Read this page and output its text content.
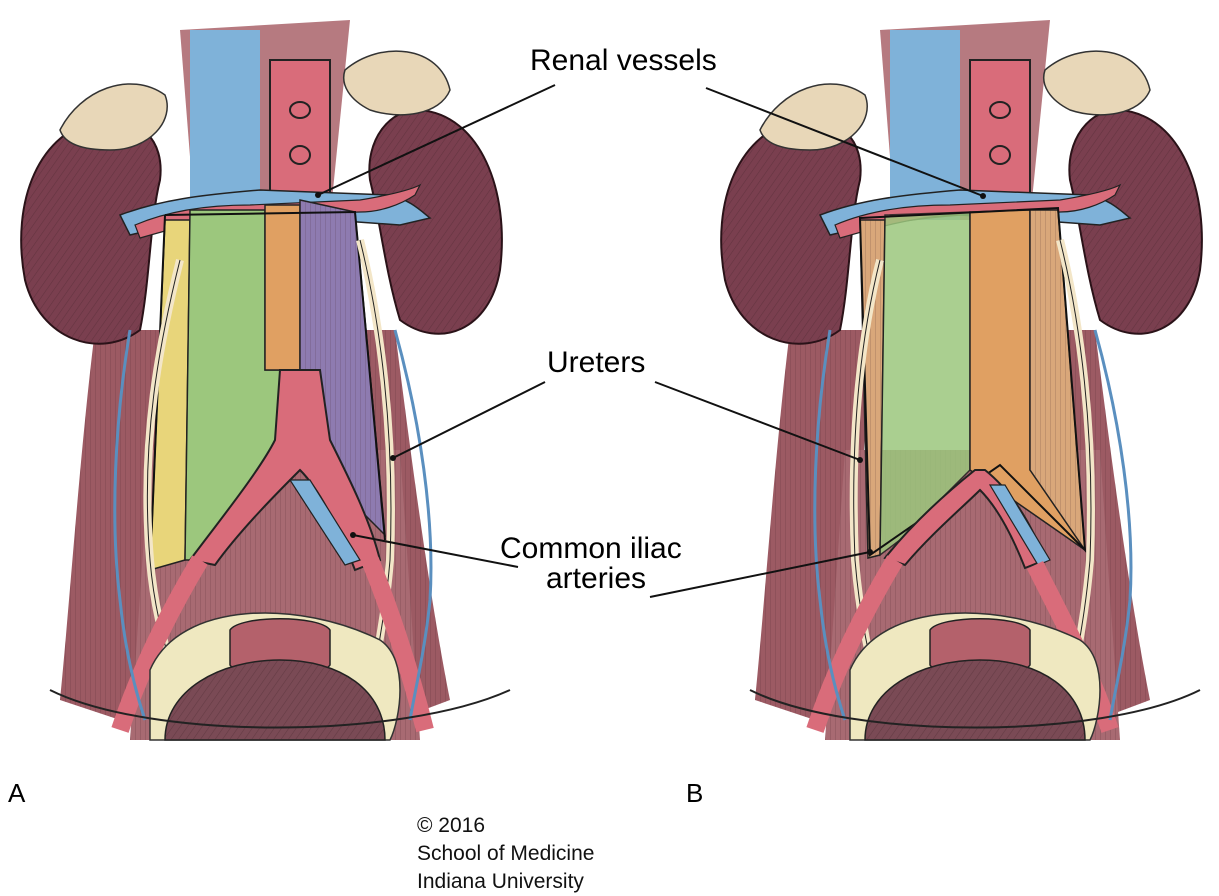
Renal vessels
Ureters
Common iliac
arteries
A	B
© 2016
School of Medicine
Indiana University
